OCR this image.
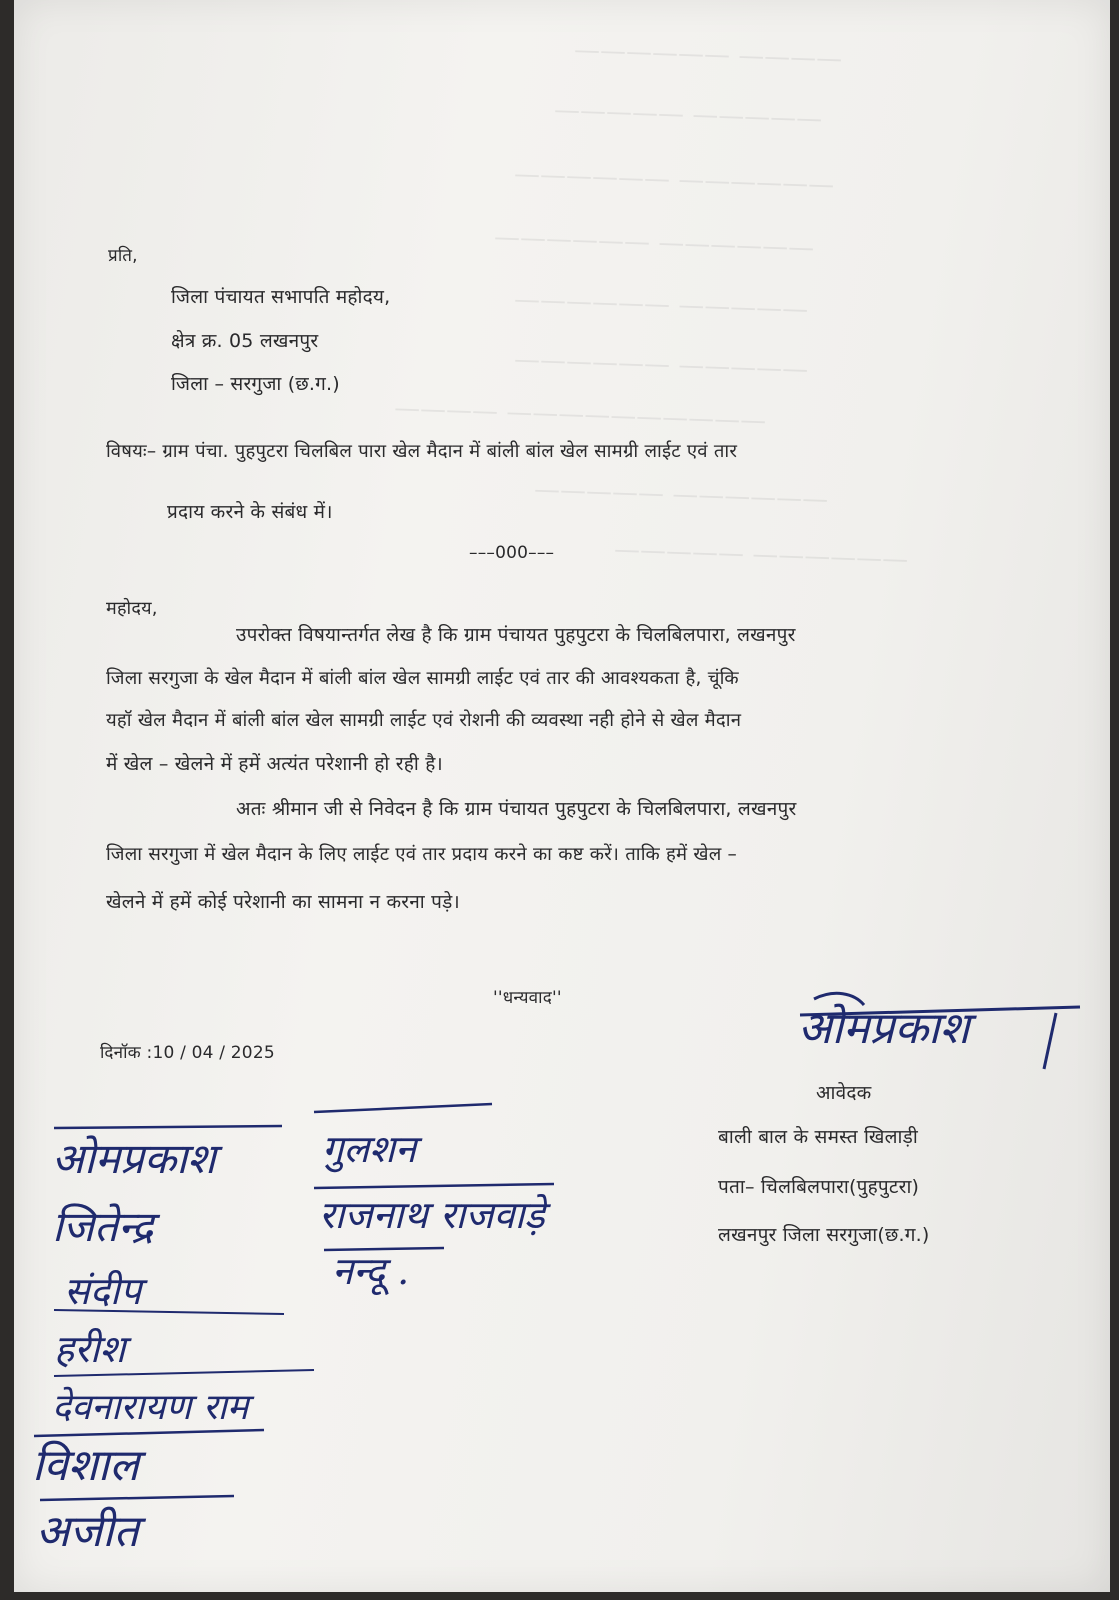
———— ——————
————— —————
—————— ——————
—————— ——————
————— ——————
————— ——————
—————————— ————
—————— —————
—————— —————
प्रति,
जिला पंचायत सभापति महोदय,
क्षेत्र क्र. 05 लखनपुर
जिला – सरगुजा (छ.ग.)
विषयः– ग्राम पंचा. पुहपुटरा चिलबिल पारा खेल मैदान में बांली बांल खेल सामग्री लाईट एवं तार
प्रदाय करने के संबंध में।
–––000–––
महोदय,
उपरोक्त विषयान्तर्गत लेख है कि ग्राम पंचायत पुहपुटरा के चिलबिलपारा, लखनपुर
जिला सरगुजा के खेल मैदान में बांली बांल खेल सामग्री लाईट एवं तार की आवश्यकता है, चूंकि
यहॉ खेल मैदान में बांली बांल खेल सामग्री लाईट एवं रोशनी की व्यवस्था नही होने से खेल मैदान
में खेल – खेलने में हमें अत्यंत परेशानी हो रही है।
अतः श्रीमान जी से निवेदन है कि ग्राम पंचायत पुहपुटरा के चिलबिलपारा, लखनपुर
जिला सरगुजा में खेल मैदान के लिए लाईट एवं तार प्रदाय करने का कष्ट करें। ताकि हमें खेल –
खेलने में हमें कोई परेशानी का सामना न करना पड़े।
''धन्यवाद''
दिनॉक :10 / 04 / 2025	ओमप्रकाश
आवेदक
बाली बाल के समस्त खिलाड़ी
पता– चिलबिलपारा(पुहपुटरा)
लखनपुर जिला सरगुजा(छ.ग.)
ओमप्रकाश
जितेन्द्र
संदीप
हरीश
देवनारायण राम
विशाल
अजीत
गुलशन
राजनाथ राजवाड़े
नन्दू .
